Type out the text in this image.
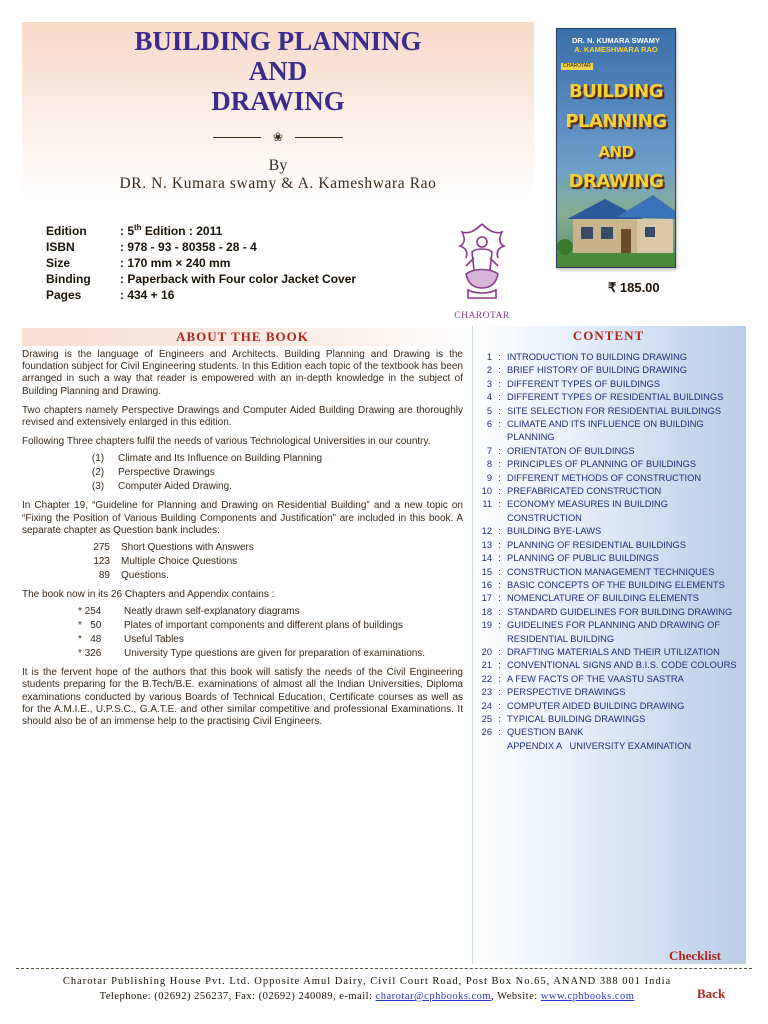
BUILDING PLANNING
AND
DRAWING
❀
By
DR. N. Kumara swamy & A. Kameshwara Rao
Edition	: 5th Edition : 2011
ISBN	: 978 - 93 - 80358 - 28 - 4
Size	: 170 mm × 240 mm
Binding	: Paperback with Four color Jacket Cover
Pages	: 434 + 16
CHAROTAR
DR. N. KUMARA SWAMY
A. KAMESHWARA RAO
CHAROTAR
BUILDING
PLANNING
AND
DRAWING
₹ 185.00
ABOUT THE BOOK

Drawing is the language of Engineers and Architects. Building Planning and Drawing is the foundation subject for Civil Engineering students. In this Edition each topic of the textbook has been arranged in such a way that reader is empowered with an in-depth knowledge in the subject of Building Planning and Drawing.

Two chapters namely Perspective Drawings and Computer Aided Building Drawing are thoroughly revised and extensively enlarged in this edition.

Following Three chapters fulfil the needs of various Technological Universities in our country.

(1)	Climate and Its Influence on Building Planning
(2)	Perspective Drawings
(3)	Computer Aided Drawing.

In Chapter 19, “Guideline for Planning and Drawing on Residential Building” and a new topic on “Fixing the Position of Various Building Components and Justification” are included in this book. A separate chapter as Question bank includes:

275	Short Questions with Answers
123	Multiple Choice Questions
89	Questions.

The book now in its 26 Chapters and Appendix contains :

* 254	Neatly drawn self-explanatory diagrams
*   50	Plates of important components and different plans of buildings
*   48	Useful Tables
* 326	University Type questions are given for preparation of examinations.

It is the fervent hope of the authors that this book will satisfy the needs of the Civil Engineering students preparing for the B.Tech/B.E. examinations of almost all the Indian Universities, Diploma examinations conducted by various Boards of Technical Education, Certificate courses as well as for the A.M.I.E., U.P.S.C., G.A.T.E. and other similar competitive and professional Examinations. It should also be of an immense help to the practising Civil Engineers.

CONTENT
1 : INTRODUCTION TO BUILDING DRAWING
2 : BRIEF HISTORY OF BUILDING DRAWING
3 : DIFFERENT TYPES OF BUILDINGS
4 : DIFFERENT TYPES OF RESIDENTIAL BUILDINGS
5 : SITE SELECTION FOR RESIDENTIAL BUILDINGS
6 : CLIMATE AND ITS INFLUENCE ON BUILDING PLANNING
7 : ORIENTATON OF BUILDINGS
8 : PRINCIPLES OF PLANNING OF BUILDINGS
9 : DIFFERENT METHODS OF CONSTRUCTION
10 : PREFABRICATED CONSTRUCTION
11 : ECONOMY MEASURES IN BUILDING CONSTRUCTION
12 : BUILDING BYE-LAWS
13 : PLANNING OF RESIDENTIAL BUILDINGS
14 : PLANNING OF PUBLIC BUILDINGS
15 : CONSTRUCTION MANAGEMENT TECHNIQUES
16 : BASIC CONCEPTS OF THE BUILDING ELEMENTS
17 : NOMENCLATURE OF BUILDING ELEMENTS
18 : STANDARD GUIDELINES FOR BUILDING DRAWING
19 : GUIDELINES FOR PLANNING AND DRAWING OF RESIDENTIAL BUILDING
20 : DRAFTING MATERIALS AND THEIR UTILIZATION
21 : CONVENTIONAL SIGNS AND B.I.S. CODE COLOURS
22 : A FEW FACTS OF THE VAASTU SASTRA
23 : PERSPECTIVE DRAWINGS
24 : COMPUTER AIDED BUILDING DRAWING
25 : TYPICAL BUILDING DRAWINGS
26 : QUESTION BANK
APPENDIX A   UNIVERSITY EXAMINATION
Checklist
Charotar Publishing House Pvt. Ltd. Opposite Amul Dairy, Civil Court Road, Post Box No.65, ANAND 388 001 India
Telephone: (02692) 256237, Fax: (02692) 240089, e-mail: charotar@cphbooks.com, Website: www.cphbooks.com	Back
